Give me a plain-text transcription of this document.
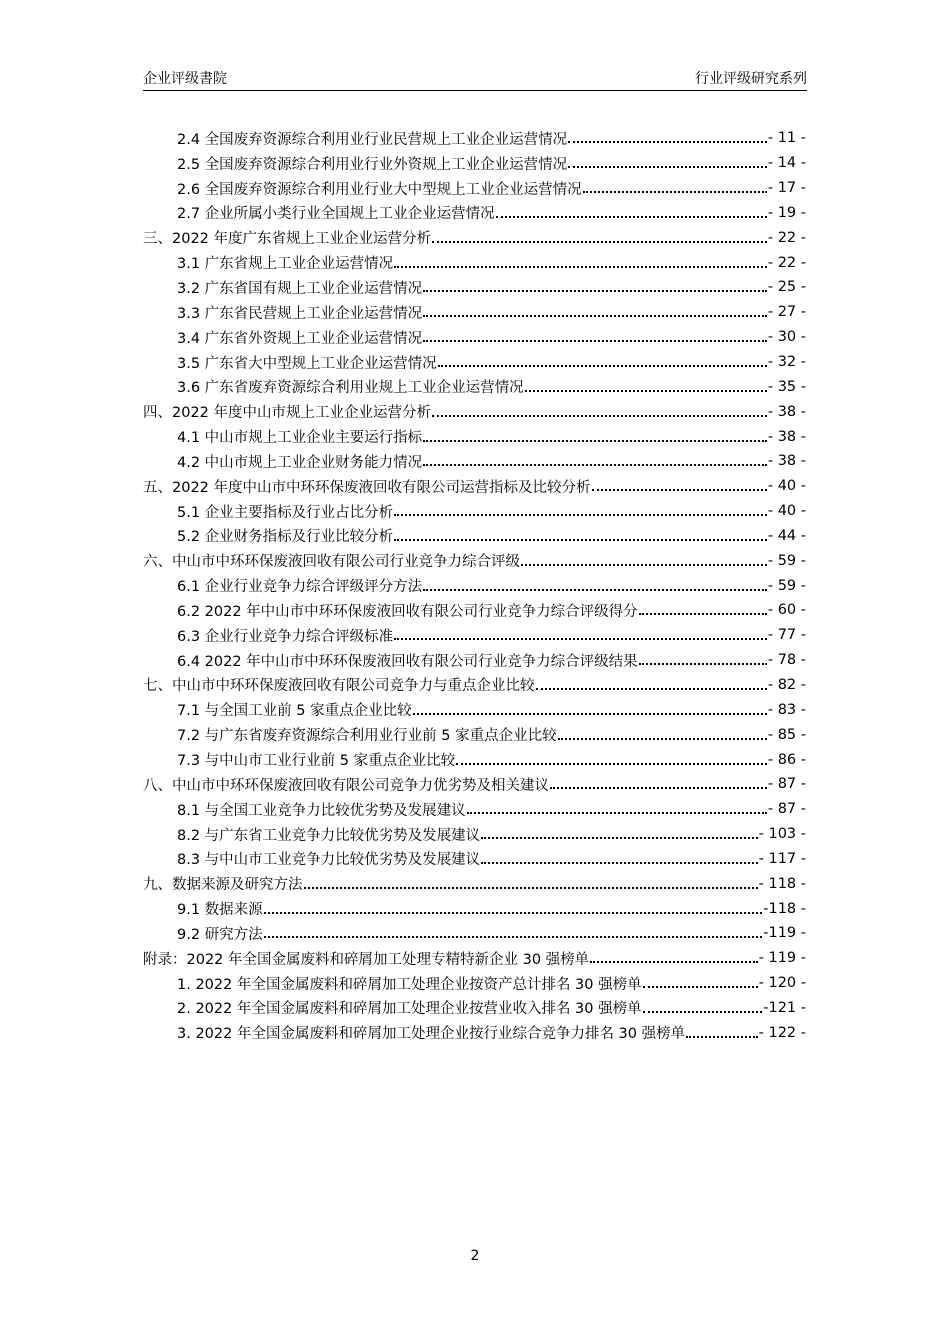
企业评级書院	行业评级研究系列
2.4 全国废弃资源综合利用业行业民营规上工业企业运营情况	- 11 -
2.5 全国废弃资源综合利用业行业外资规上工业企业运营情况	- 14 -
2.6 全国废弃资源综合利用业行业大中型规上工业企业运营情况	- 17 -
2.7 企业所属小类行业全国规上工业企业运营情况	- 19 -
三、2022 年度广东省规上工业企业运营分析	- 22 -
3.1 广东省规上工业企业运营情况	- 22 -
3.2 广东省国有规上工业企业运营情况	- 25 -
3.3 广东省民营规上工业企业运营情况	- 27 -
3.4 广东省外资规上工业企业运营情况	- 30 -
3.5 广东省大中型规上工业企业运营情况	- 32 -
3.6 广东省废弃资源综合利用业规上工业企业运营情况	- 35 -
四、2022 年度中山市规上工业企业运营分析	- 38 -
4.1 中山市规上工业企业主要运行指标	- 38 -
4.2 中山市规上工业企业财务能力情况	- 38 -
五、2022 年度中山市中环环保废液回收有限公司运营指标及比较分析	- 40 -
5.1 企业主要指标及行业占比分析	- 40 -
5.2 企业财务指标及行业比较分析	- 44 -
六、中山市中环环保废液回收有限公司行业竞争力综合评级	- 59 -
6.1 企业行业竞争力综合评级评分方法	- 59 -
6.2 2022 年中山市中环环保废液回收有限公司行业竞争力综合评级得分	- 60 -
6.3 企业行业竞争力综合评级标准	- 77 -
6.4 2022 年中山市中环环保废液回收有限公司行业竞争力综合评级结果	- 78 -
七、中山市中环环保废液回收有限公司竞争力与重点企业比较	- 82 -
7.1 与全国工业前 5 家重点企业比较	- 83 -
7.2 与广东省废弃资源综合利用业行业前 5 家重点企业比较	- 85 -
7.3 与中山市工业行业前 5 家重点企业比较	- 86 -
八、中山市中环环保废液回收有限公司竞争力优劣势及相关建议	- 87 -
8.1 与全国工业竞争力比较优劣势及发展建议	- 87 -
8.2 与广东省工业竞争力比较优劣势及发展建议	- 103 -
8.3 与中山市工业竞争力比较优劣势及发展建议	- 117 -
九、数据来源及研究方法	- 118 -
9.1 数据来源	-118 -
9.2 研究方法	-119 -
附录：2022 年全国金属废料和碎屑加工处理专精特新企业 30 强榜单	- 119 -
1. 2022 年全国金属废料和碎屑加工处理企业按资产总计排名 30 强榜单	- 120 -
2. 2022 年全国金属废料和碎屑加工处理企业按营业收入排名 30 强榜单	-121 -
3. 2022 年全国金属废料和碎屑加工处理企业按行业综合竞争力排名 30 强榜单	- 122 -
2
